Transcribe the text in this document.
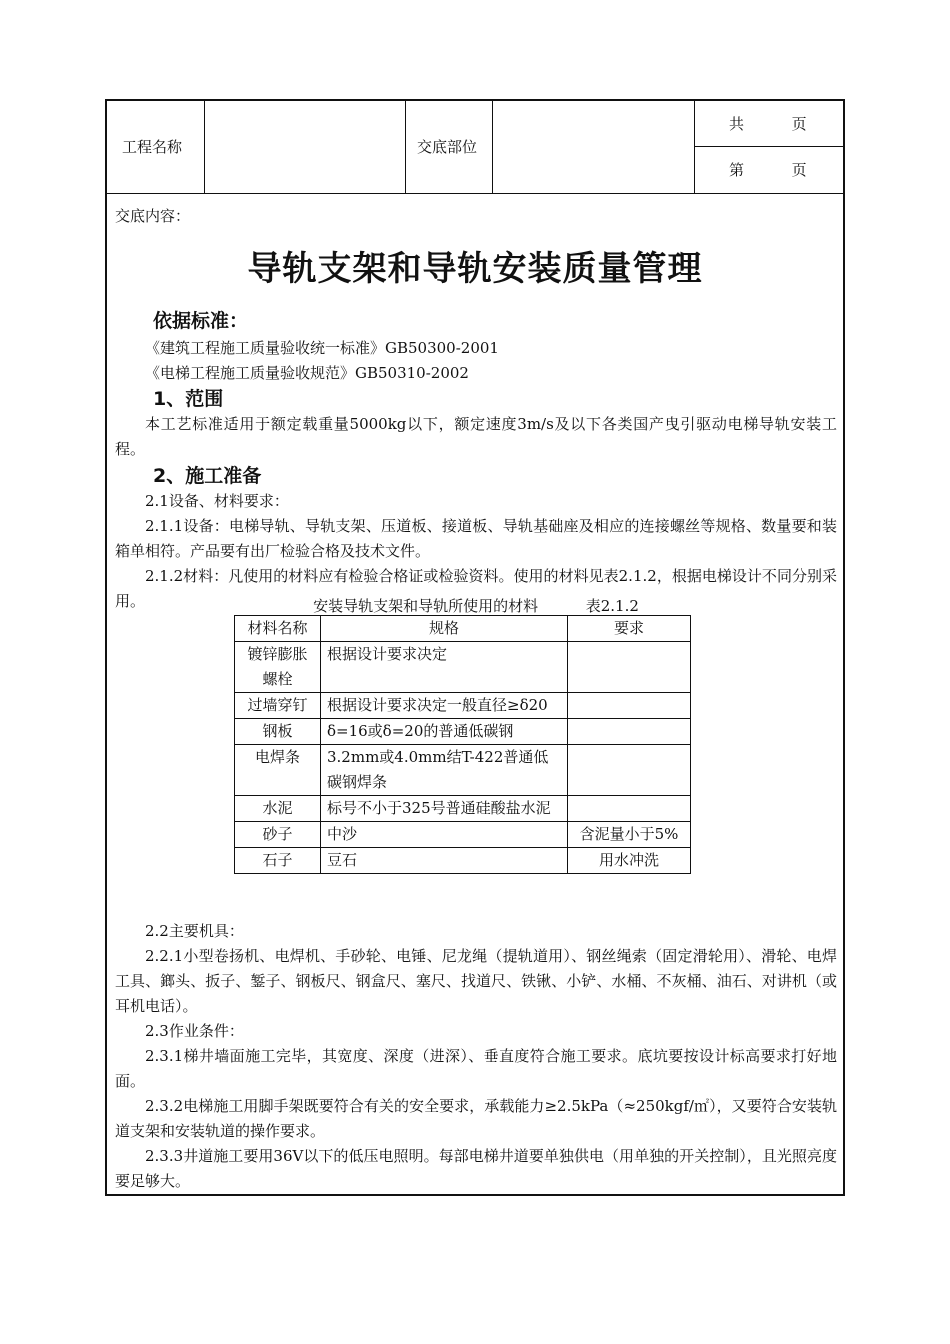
工程名称	交底部位
共          页
第          页
交底内容：
导轨支架和导轨安装质量管理

依据标准：

《建筑工程施工质量验收统一标准》GB50300-2001

《电梯工程施工质量验收规范》GB50310-2002

1、范围

本工艺标准适用于额定载重量5000kg以下，额定速度3m/s及以下各类国产曳引驱动电梯导轨安装工程。

2、施工准备

2.1设备、材料要求：

2.1.1设备：电梯导轨、导轨支架、压道板、接道板、导轨基础座及相应的连接螺丝等规格、数量要和装箱单相符。产品要有出厂检验合格及技术文件。

2.1.2材料：凡使用的材料应有检验合格证或检验资料。使用的材料见表2.1.2，根据电梯设计不同分别采用。	安装导轨支架和导轨所使用的材料          表2.1.2
材料名称	规格	要求
镀锌膨胀螺栓	根据设计要求决定	
过墙穿钉	根据设计要求决定一般直径≥δ20	
钢板	δ=16或δ=20的普通低碳钢	
电焊条	3.2mm或4.0mm结T-422普通低碳钢焊条	
水泥	标号不小于325号普通硅酸盐水泥	
砂子	中沙	含泥量小于5%
石子	豆石	用水冲洗

2.2主要机具：

2.2.1小型卷扬机、电焊机、手砂轮、电锤、尼龙绳（提轨道用）、钢丝绳索（固定滑轮用）、滑轮、电焊工具、鎯头、扳子、錾子、钢板尺、钢盒尺、塞尺、找道尺、铁锹、小铲、水桶、不灰桶、油石、对讲机（或耳机电话）。

2.3作业条件：

2.3.1梯井墙面施工完毕，其宽度、深度（进深）、垂直度符合施工要求。底坑要按设计标高要求打好地面。

2.3.2电梯施工用脚手架既要符合有关的安全要求，承载能力≥2.5kPa（≈250kgf/㎡），又要符合安装轨道支架和安装轨道的操作要求。

2.3.3井道施工要用36V以下的低压电照明。每部电梯井道要单独供电（用单独的开关控制），且光照亮度要足够大。
